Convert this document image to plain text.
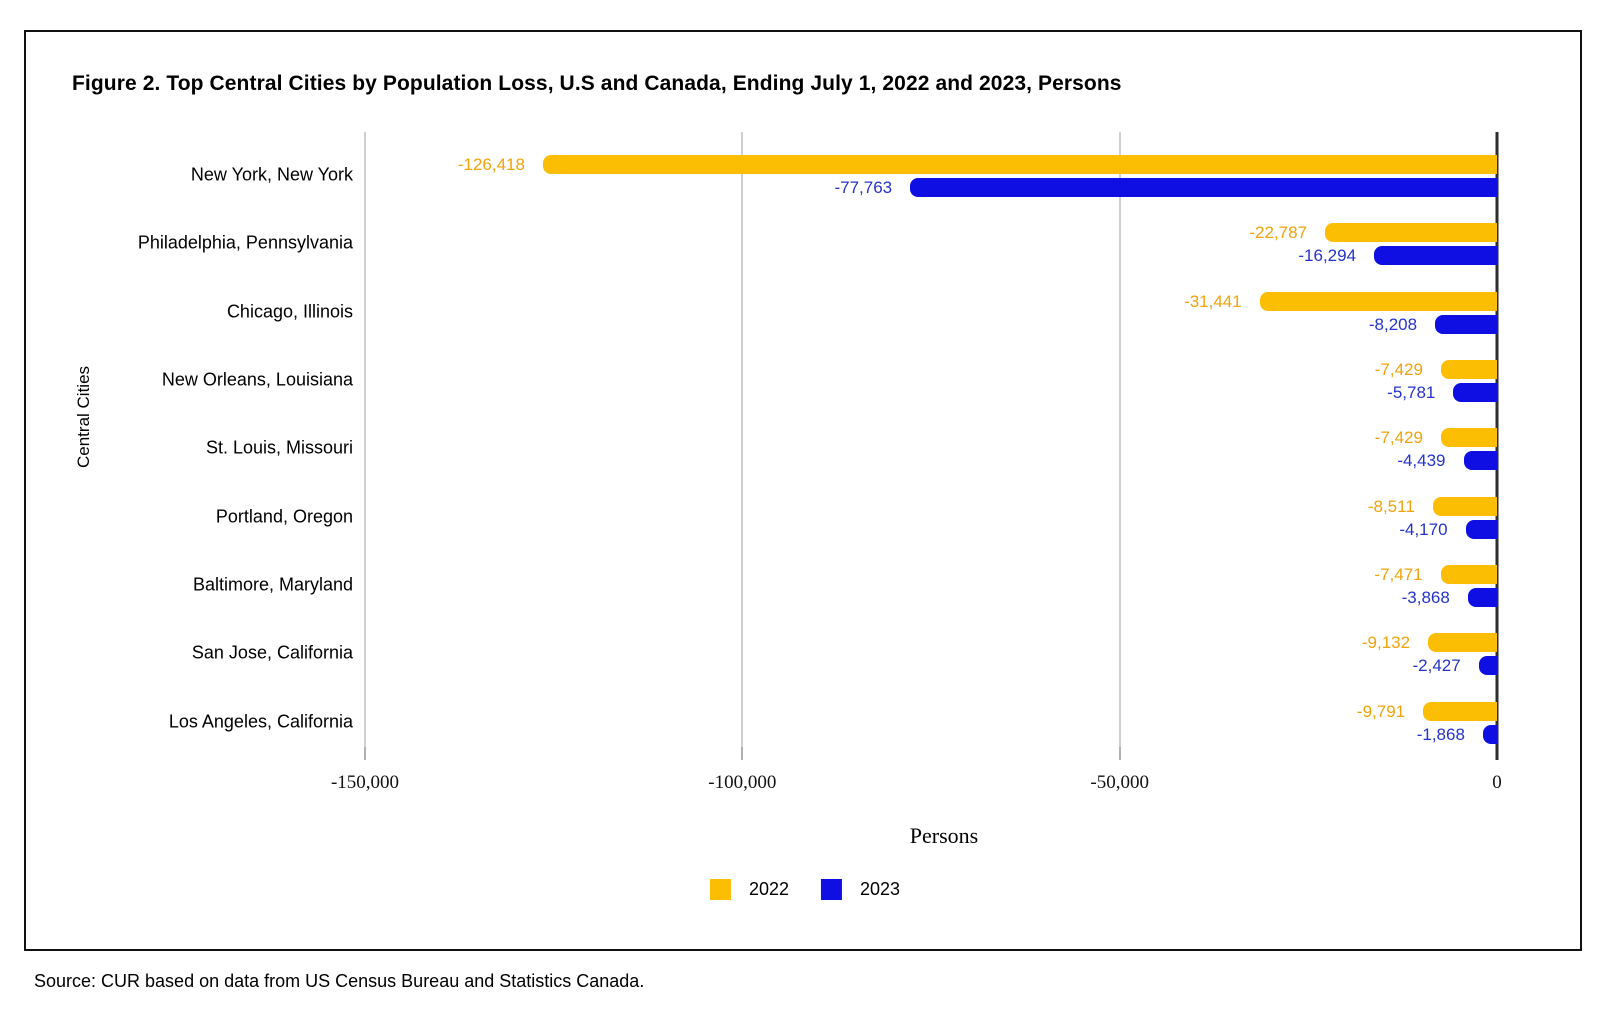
Figure 2. Top Central Cities by Population Loss, U.S and Canada, Ending July 1, 2022 and 2023, Persons
Central Cities
New York, New York	-126,418
-77,763
Philadelphia, Pennsylvania	-22,787
-16,294
Chicago, Illinois	-31,441
-8,208
New Orleans, Louisiana	-7,429
-5,781
St. Louis, Missouri	-7,429
-4,439
Portland, Oregon	-8,511
-4,170
Baltimore, Maryland	-7,471
-3,868
San Jose, California	-9,132
-2,427
Los Angeles, California	-9,791
-1,868
-150,000	-100,000	-50,000	0
Persons
2022	2023
Source: CUR based on data from US Census Bureau and Statistics Canada.
